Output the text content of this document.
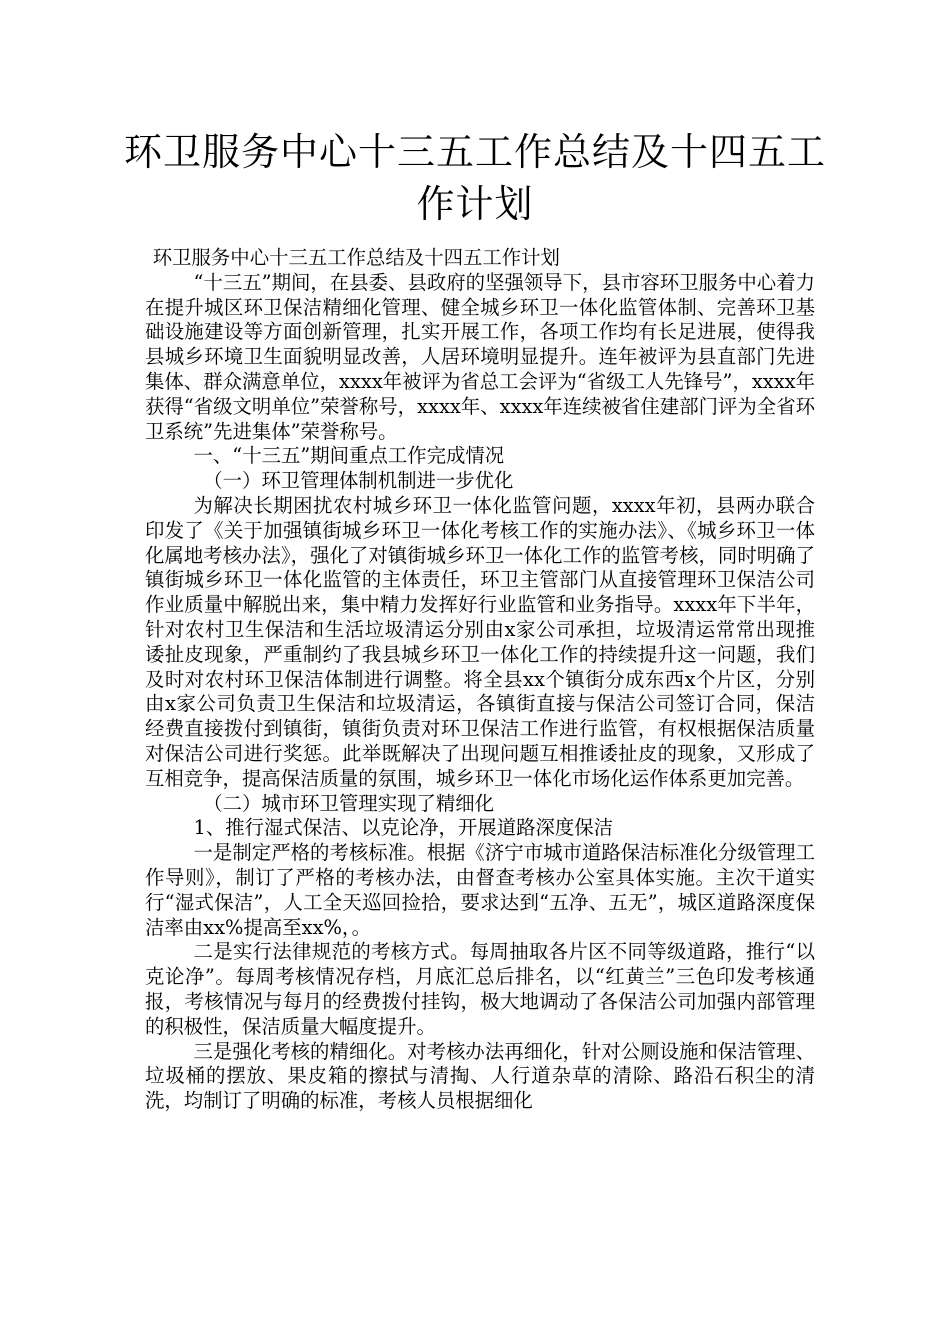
环卫服务中心十三五工作总结及十四五工作计划

环卫服务中心十三五工作总结及十四五工作计划

“十三五”期间，在县委、县政府的坚强领导下，县市容环卫服务中心着力在提升城区环卫保洁精细化管理、健全城乡环卫一体化监管体制、完善环卫基础设施建设等方面创新管理，扎实开展工作，各项工作均有长足进展，使得我县城乡环境卫生面貌明显改善，人居环境明显提升。连年被评为县直部门先进集体、群众满意单位，xxxx年被评为省总工会评为“省级工人先锋号”，xxxx年获得“省级文明单位”荣誉称号，xxxx年、xxxx年连续被省住建部门评为全省环卫系统”先进集体”荣誉称号。

一、“十三五”期间重点工作完成情况

（一）环卫管理体制机制进一步优化

为解决长期困扰农村城乡环卫一体化监管问题，xxxx年初，县两办联合印发了《关于加强镇街城乡环卫一体化考核工作的实施办法》、《城乡环卫一体化属地考核办法》，强化了对镇街城乡环卫一体化工作的监管考核，同时明确了镇街城乡环卫一体化监管的主体责任，环卫主管部门从直接管理环卫保洁公司作业质量中解脱出来，集中精力发挥好行业监管和业务指导。xxxx年下半年，针对农村卫生保洁和生活垃圾清运分别由x家公司承担，垃圾清运常常出现推诿扯皮现象，严重制约了我县城乡环卫一体化工作的持续提升这一问题，我们及时对农村环卫保洁体制进行调整。将全县xx个镇街分成东西x个片区，分别由x家公司负责卫生保洁和垃圾清运，各镇街直接与保洁公司签订合同，保洁经费直接拨付到镇街，镇街负责对环卫保洁工作进行监管，有权根据保洁质量对保洁公司进行奖惩。此举既解决了出现问题互相推诿扯皮的现象，又形成了互相竞争，提高保洁质量的氛围，城乡环卫一体化市场化运作体系更加完善。

（二）城市环卫管理实现了精细化

1、推行湿式保洁、以克论净，开展道路深度保洁

一是制定严格的考核标准。根据《济宁市城市道路保洁标准化分级管理工作导则》，制订了严格的考核办法，由督查考核办公室具体实施。主次干道实行“湿式保洁”，人工全天巡回捡拾，要求达到“五净、五无”，城区道路深度保洁率由xx%提高至xx%，。

二是实行法律规范的考核方式。每周抽取各片区不同等级道路，推行“以克论净”。每周考核情况存档，月底汇总后排名，以“红黄兰”三色印发考核通报，考核情况与每月的经费拨付挂钩，极大地调动了各保洁公司加强内部管理的积极性，保洁质量大幅度提升。

三是强化考核的精细化。对考核办法再细化，针对公厕设施和保洁管理、垃圾桶的摆放、果皮箱的擦拭与清掏、人行道杂草的清除、路沿石积尘的清洗，均制订了明确的标准，考核人员根据细化
